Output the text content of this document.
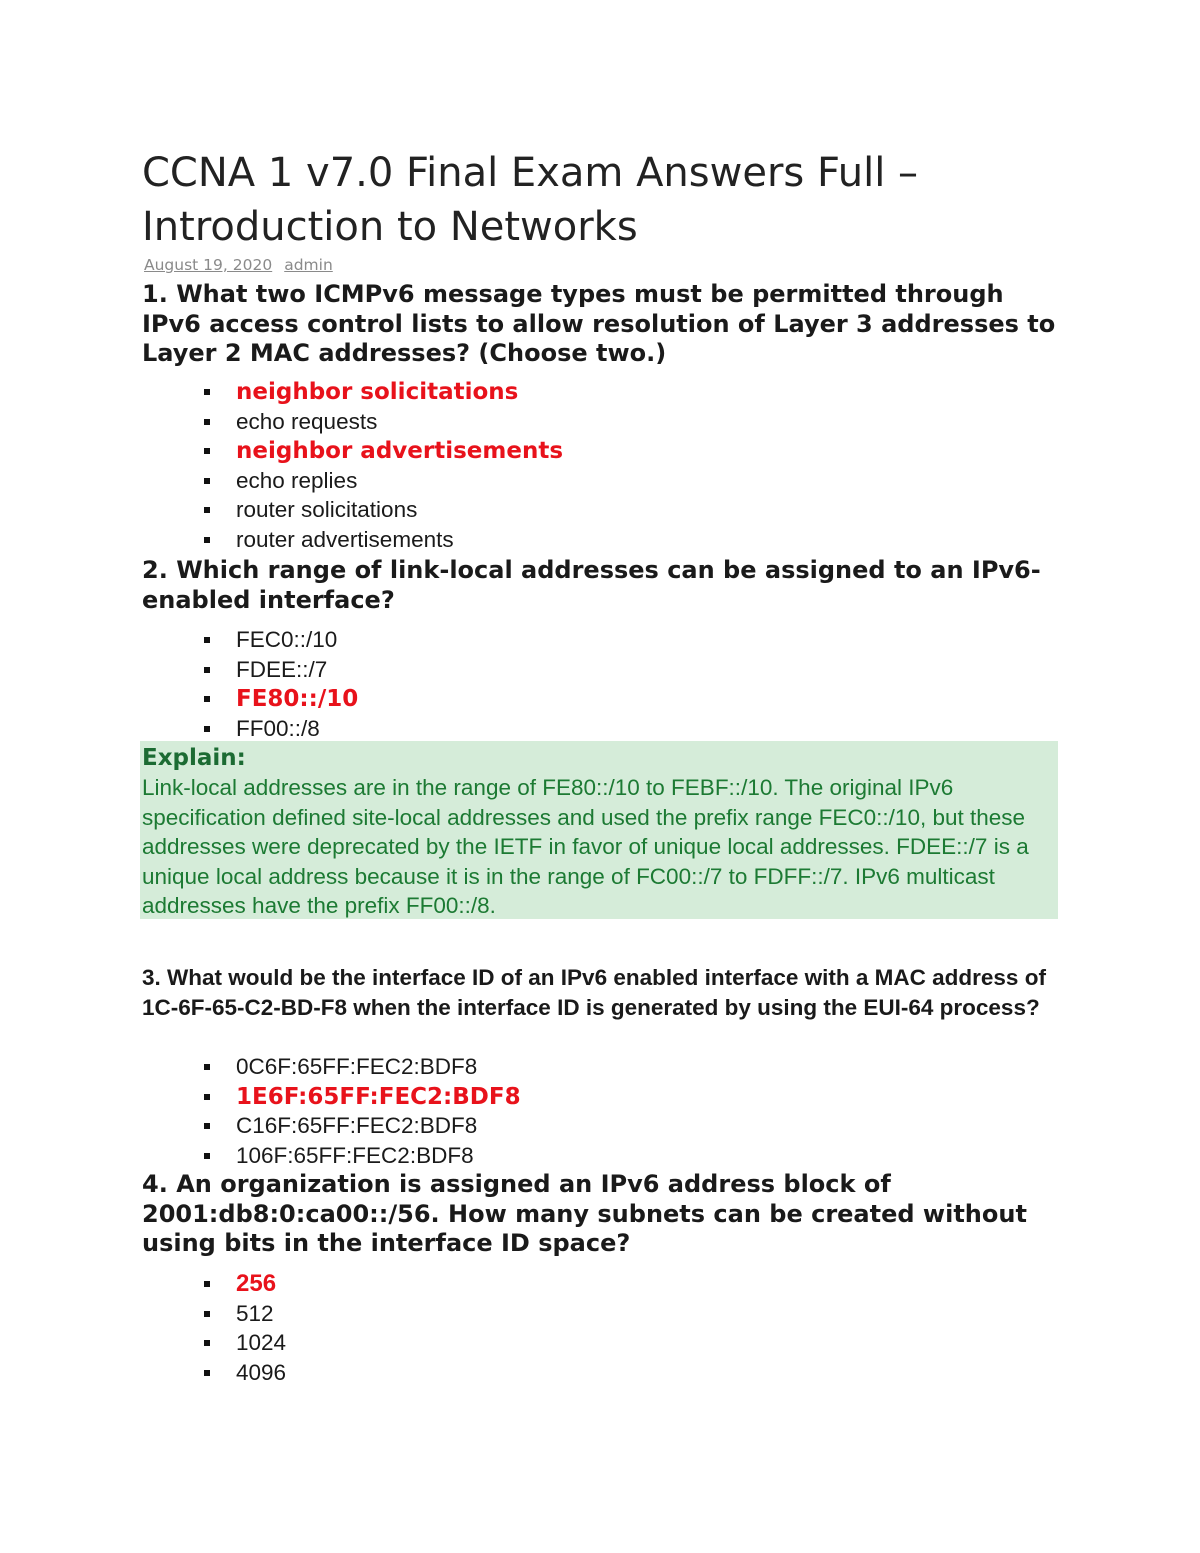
CCNA 1 v7.0 Final Exam Answers Full – Introduction to Networks
August 19, 2020 admin

1. What two ICMPv6 message types must be permitted through IPv6 access control lists to allow resolution of Layer 3 addresses to Layer 2 MAC addresses? (Choose two.)

neighbor solicitations
echo requests
neighbor advertisements
echo replies
router solicitations
router advertisements

2. Which range of link-local addresses can be assigned to an IPv6-enabled interface?

FEC0::/10
FDEE::/7
FE80::/10
FF00::/8
Explain:
Link-local addresses are in the range of FE80::/10 to FEBF::/10. The original IPv6 specification defined site-local addresses and used the prefix range FEC0::/10, but these addresses were deprecated by the IETF in favor of unique local addresses. FDEE::/7 is a unique local address because it is in the range of FC00::/7 to FDFF::/7. IPv6 multicast addresses have the prefix FF00::/8.

3. What would be the interface ID of an IPv6 enabled interface with a MAC address of 1C-6F-65-C2-BD-F8 when the interface ID is generated by using the EUI-64 process?

0C6F:65FF:FEC2:BDF8
1E6F:65FF:FEC2:BDF8
C16F:65FF:FEC2:BDF8
106F:65FF:FEC2:BDF8

4. An organization is assigned an IPv6 address block of 2001:db8:0:ca00::/56. How many subnets can be created without using bits in the interface ID space?

256
512
1024
4096
